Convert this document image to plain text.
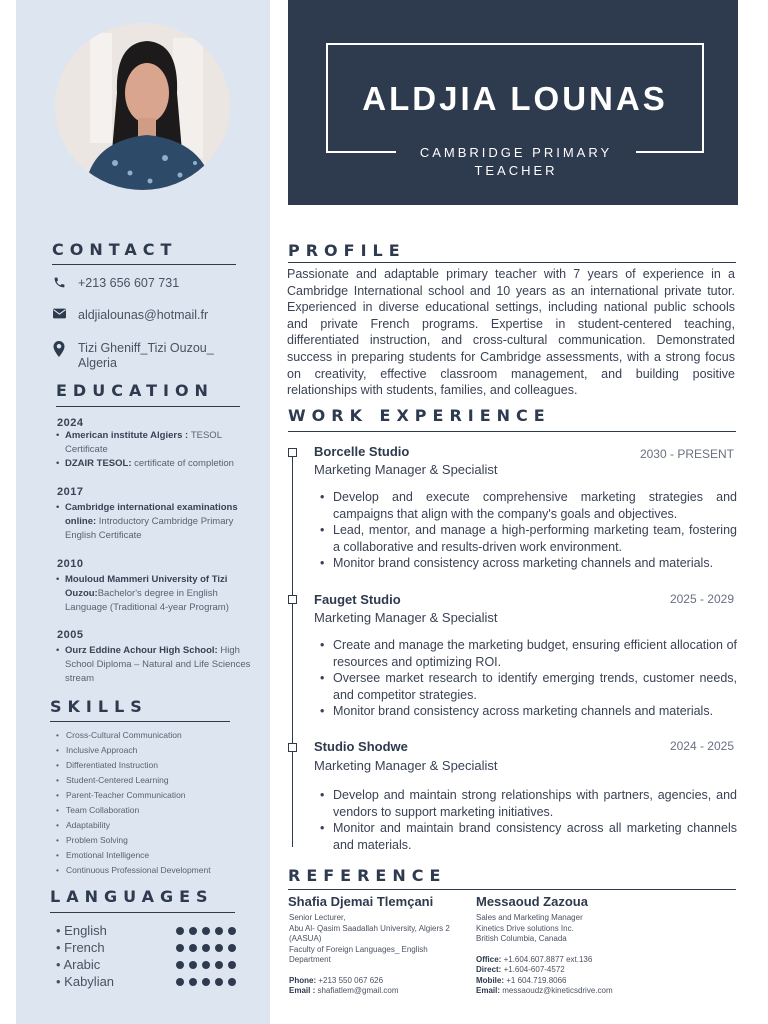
ALDJIA LOUNAS
CAMBRIDGE PRIMARY TEACHER
CONTACT
+213 656 607 731
aldjialounas@hotmail.fr
Tizi Gheniff_Tizi Ouzou_ Algeria
EDUCATION
2024
• American institute Algiers : TESOL Certificate
• DZAIR TESOL: certificate of completion
2017
• Cambridge international examinations online: Introductory Cambridge Primary English Certificate
2010
• Mouloud Mammeri University of Tizi Ouzou:Bachelor's degree in English Language (Traditional 4-year Program)
2005
• Ourz Eddine Achour High School: High School Diploma – Natural and Life Sciences stream
SKILLS
• Cross-Cultural Communication
• Inclusive Approach
• Differentiated Instruction
• Student-Centered Learning
• Parent-Teacher Communication
• Team Collaboration
• Adaptability
• Problem Solving
• Emotional Intelligence
• Continuous Professional Development
LANGUAGES
• English
• French
• Arabic
• Kabylian
PROFILE
Passionate and adaptable primary teacher with 7 years of experience in a Cambridge International school and 10 years as an international private tutor. Experienced in diverse educational settings, including national public schools and private French programs. Expertise in student-centered teaching, differentiated instruction, and cross-cultural communication. Demonstrated success in preparing students for Cambridge assessments, with a strong focus on creativity, effective classroom management, and building positive relationships with students, families, and colleagues.
WORK EXPERIENCE
Borcelle Studio	2030 - PRESENT
Marketing Manager & Specialist
• Develop and execute comprehensive marketing strategies and campaigns that align with the company's goals and objectives.
• Lead, mentor, and manage a high-performing marketing team, fostering a collaborative and results-driven work environment.
• Monitor brand consistency across marketing channels and materials.
Fauget Studio	2025 - 2029
Marketing Manager & Specialist
• Create and manage the marketing budget, ensuring efficient allocation of resources and optimizing ROI.
• Oversee market research to identify emerging trends, customer needs, and competitor strategies.
• Monitor brand consistency across marketing channels and materials.
Studio Shodwe	2024 - 2025
Marketing Manager & Specialist
• Develop and maintain strong relationships with partners, agencies, and vendors to support marketing initiatives.
• Monitor and maintain brand consistency across all marketing channels and materials.
REFERENCE
Shafia Djemai Tlemçani
Senior Lecturer,
Abu Al- Qasim Saadallah University, Algiers 2 (AASUA)
Faculty of Foreign Languages_ English Department
Phone: +213 550 067 626
Email : shafiatlem@gmail.com
Messaoud Zazoua
Sales and Marketing Manager
Kinetics Drive solutions Inc.
British Columbia, Canada
Office: +1.604.607.8877 ext.136
Direct: +1.604-607-4572
Mobile: +1 604.719.8066
Email: messaoudz@kineticsdrive.com
